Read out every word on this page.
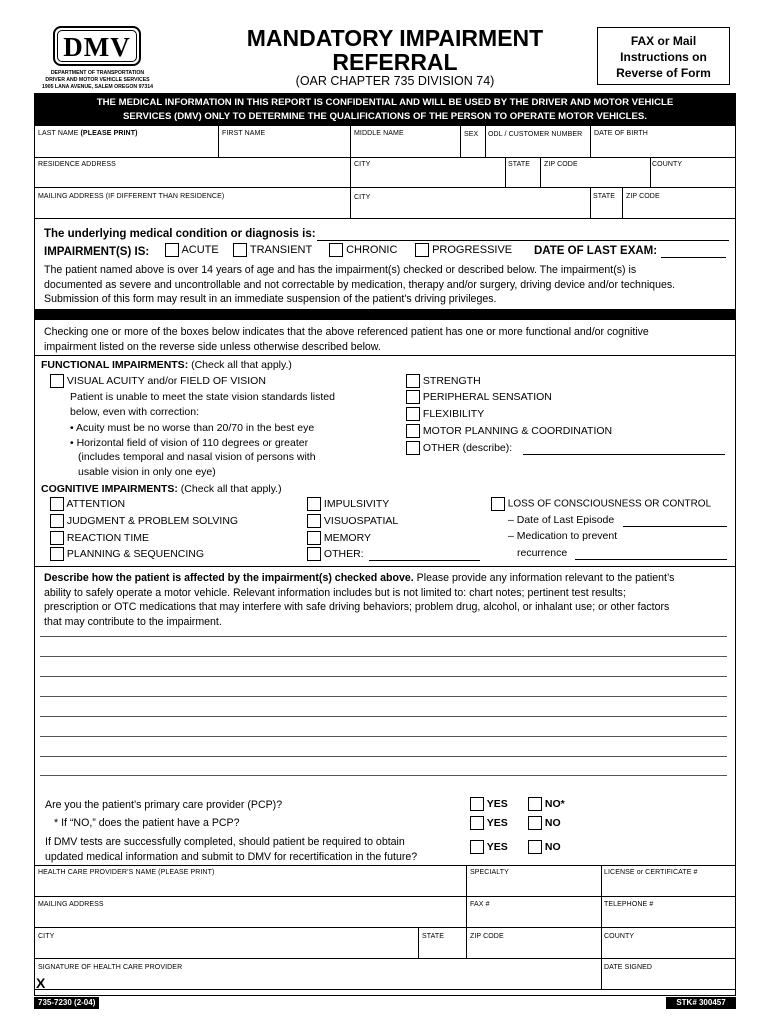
DMV
DEPARTMENT OF TRANSPORTATION
DRIVER AND MOTOR VEHICLE SERVICES
1905 LANA AVENUE, SALEM OREGON 97314
MANDATORY IMPAIRMENT
REFERRAL
(OAR CHAPTER 735 DIVISION 74)
FAX or Mail
Instructions on
Reverse of Form
THE MEDICAL INFORMATION IN THIS REPORT IS CONFIDENTIAL AND WILL BE USED BY THE DRIVER AND MOTOR VEHICLE
SERVICES (DMV) ONLY TO DETERMINE THE QUALIFICATIONS OF THE PERSON TO OPERATE MOTOR VEHICLES.
LAST NAME (PLEASE PRINT)	FIRST NAME	MIDDLE NAME	SEX ODL / CUSTOMER NUMBER DATE OF BIRTH
RESIDENCE ADDRESS	CITY	STATE ZIP CODE	COUNTY
MAILING ADDRESS (IF DIFFERENT THAN RESIDENCE)	CITY	STATE ZIP CODE
The underlying medical condition or diagnosis is:
IMPAIRMENT(S) IS:	ACUTE	TRANSIENT	CHRONIC	PROGRESSIVE DATE OF LAST EXAM:
The patient named above is over 14 years of age and has the impairment(s) checked or described below. The impairment(s) is
documented as severe and uncontrollable and not correctable by medication, therapy and/or surgery, driving device and/or techniques.
Submission of this form may result in an immediate suspension of the patient's driving privileges.
Checking one or more of the boxes below indicates that the above referenced patient has one or more functional and/or cognitive
impairment listed on the reverse side unless otherwise described below.
FUNCTIONAL IMPAIRMENTS: (Check all that apply.)
VISUAL ACUITY and/or FIELD OF VISION
Patient is unable to meet the state vision standards listed
below, even with correction:
• Acuity must be no worse than 20/70 in the best eye
• Horizontal field of vision of 110 degrees or greater
(includes temporal and nasal vision of persons with
usable vision in only one eye)
STRENGTH
PERIPHERAL SENSATION
FLEXIBILITY
MOTOR PLANNING & COORDINATION
OTHER (describe):
COGNITIVE IMPAIRMENTS: (Check all that apply.)
ATTENTION
JUDGMENT & PROBLEM SOLVING
REACTION TIME
PLANNING & SEQUENCING
IMPULSIVITY
VISUOSPATIAL
MEMORY
OTHER:
LOSS OF CONSCIOUSNESS OR CONTROL
– Date of Last Episode
– Medication to prevent
recurrence
Describe how the patient is affected by the impairment(s) checked above. Please provide any information relevant to the patient’s
ability to safely operate a motor vehicle. Relevant information includes but is not limited to: chart notes; pertinent test results;
prescription or OTC medications that may interfere with safe driving behaviors; problem drug, alcohol, or inhalant use; or other factors
that may contribute to the impairment.
Are you the patient’s primary care provider (PCP)?
* If “NO,” does the patient have a PCP?
If DMV tests are successfully completed, should patient be required to obtain
updated medical information and submit to DMV for recertification in the future?
YES	NO*
YES	NO
YES	NO
HEALTH CARE PROVIDER’S NAME (PLEASE PRINT)	SPECIALTY	LICENSE or CERTIFICATE #
MAILING ADDRESS	FAX #	TELEPHONE #
CITY	STATE	ZIP CODE	COUNTY
SIGNATURE OF HEALTH CARE PROVIDER
X
DATE SIGNED
735-7230 (2-04)	STK# 300457
